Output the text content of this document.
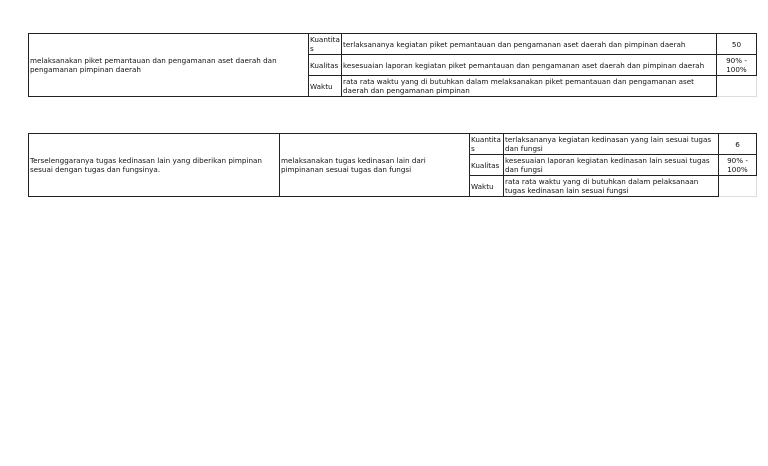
melaksanakan piket pemantauan dan pengamanan aset daerah dan pengamanan pimpinan daerah	Kuantitas	terlaksananya kegiatan piket pemantauan dan pengamanan aset daerah dan pimpinan daerah	50
	Kualitas	kesesuaian laporan kegiatan piket pemantauan dan pengamanan aset daerah dan pimpinan daerah	90% - 100%
	Waktu	rata rata waktu yang di butuhkan dalam melaksanakan piket pemantauan dan pengamanan aset daerah dan pengamanan pimpinan	
Terselenggaranya tugas kedinasan lain yang diberikan pimpinan sesuai dengan tugas dan fungsinya.	melaksanakan tugas kedinasan lain dari pimpinanan sesuai tugas dan fungsi	Kuantitas	terlaksananya kegiatan kedinasan yang lain sesuai tugas dan fungsi	6
		Kualitas	kesesuaian laporan kegiatan kedinasan lain sesuai tugas dan fungsi	90% - 100%
		Waktu	rata rata waktu yang di butuhkan dalam pelaksanaan tugas kedinasan lain sesuai fungsi	
